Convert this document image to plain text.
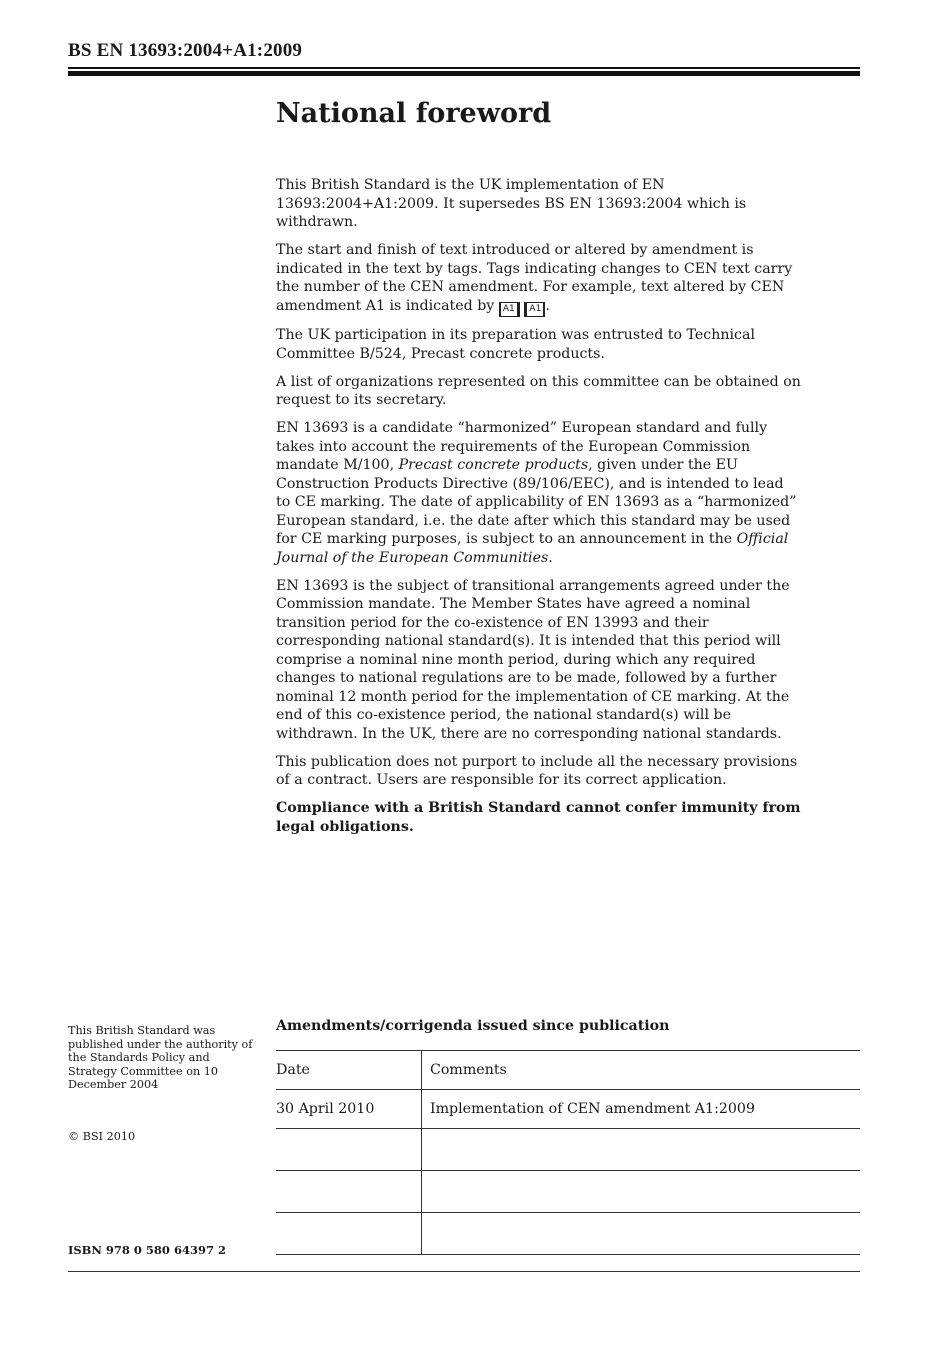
BS EN 13693:2004+A1:2009
National foreword

This British Standard is the UK implementation of EN 13693:2004+A1:2009. It supersedes BS EN 13693:2004 which is withdrawn.

The start and finish of text introduced or altered by amendment is indicated in the text by tags. Tags indicating changes to CEN text carry the number of the CEN amendment. For example, text altered by CEN amendment A1 is indicated by A1 A1 .

The UK participation in its preparation was entrusted to Technical Committee B/524, Precast concrete products.

A list of organizations represented on this committee can be obtained on request to its secretary.

EN 13693 is a candidate “harmonized” European standard and fully takes into account the requirements of the European Commission mandate M/100, Precast concrete products, given under the EU Construction Products Directive (89/106/EEC), and is intended to lead to CE marking. The date of applicability of EN 13693 as a “harmonized” European standard, i.e. the date after which this standard may be used for CE marking purposes, is subject to an announcement in the Official Journal of the European Communities.

EN 13693 is the subject of transitional arrangements agreed under the Commission mandate. The Member States have agreed a nominal transition period for the co-existence of EN 13993 and their corresponding national standard(s). It is intended that this period will comprise a nominal nine month period, during which any required changes to national regulations are to be made, followed by a further nominal 12 month period for the implementation of CE marking. At the end of this co-existence period, the national standard(s) will be withdrawn. In the UK, there are no corresponding national standards.

This publication does not purport to include all the necessary provisions of a contract. Users are responsible for its correct application.

Compliance with a British Standard cannot confer immunity from legal obligations.

This British Standard was published under the authority of the Standards Policy and Strategy Committee on 10 December 2004
© BSI 2010
ISBN 978 0 580 64397 2
Amendments/corrigenda issued since publication
Date	Comments
30 April 2010	Implementation of CEN amendment A1:2009
